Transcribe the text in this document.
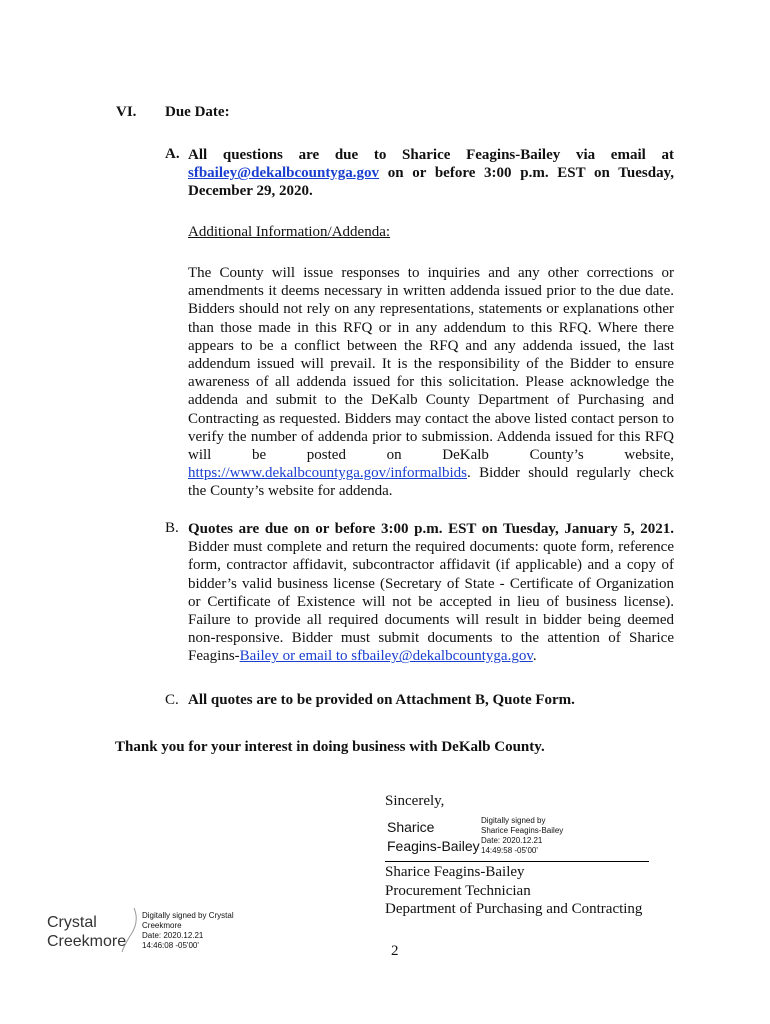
VI. Due Date:
A. All questions are due to Sharice Feagins-Bailey via email at sfbailey@dekalbcountyga.gov on or before 3:00 p.m. EST on Tuesday, December 29, 2020.
Additional Information/Addenda:
The County will issue responses to inquiries and any other corrections or amendments it deems necessary in written addenda issued prior to the due date. Bidders should not rely on any representations, statements or explanations other than those made in this RFQ or in any addendum to this RFQ. Where there appears to be a conflict between the RFQ and any addenda issued, the last addendum issued will prevail. It is the responsibility of the Bidder to ensure awareness of all addenda issued for this solicitation. Please acknowledge the addenda and submit to the DeKalb County Department of Purchasing and Contracting as requested. Bidders may contact the above listed contact person to verify the number of addenda prior to submission. Addenda issued for this RFQ will be posted on DeKalb County’s website, https://www.dekalbcountyga.gov/informalbids. Bidder should regularly check the County’s website for addenda.
B. Quotes are due on or before 3:00 p.m. EST on Tuesday, January 5, 2021. Bidder must complete and return the required documents: quote form, reference form, contractor affidavit, subcontractor affidavit (if applicable) and a copy of bidder’s valid business license (Secretary of State - Certificate of Organization or Certificate of Existence will not be accepted in lieu of business license). Failure to provide all required documents will result in bidder being deemed non-responsive. Bidder must submit documents to the attention of Sharice Feagins-Bailey or email to sfbailey@dekalbcountyga.gov.
C. All quotes are to be provided on Attachment B, Quote Form.
Thank you for your interest in doing business with DeKalb County.
Sincerely,
Sharice
Feagins-Bailey
Digitally signed by
Sharice Feagins-Bailey
Date: 2020.12.21
14:49:58 -05'00'
Sharice Feagins-Bailey
Procurement Technician
Department of Purchasing and Contracting
Crystal
Creekmore
Digitally signed by Crystal
Creekmore
Date: 2020.12.21
14:46:08 -05'00'	2
